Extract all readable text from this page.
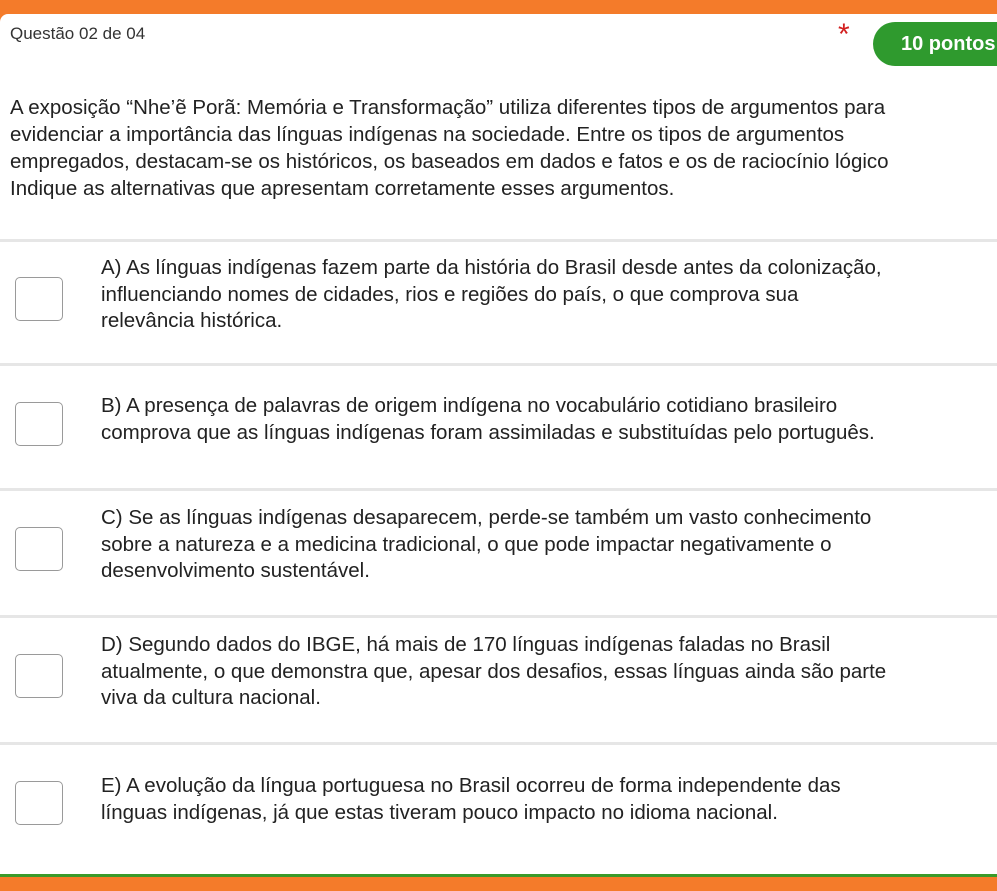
Questão 02 de 04	*	10 pontos
A exposição “Nhe’ẽ Porã: Memória e Transformação” utiliza diferentes tipos de argumentos para
evidenciar a importância das línguas indígenas na sociedade. Entre os tipos de argumentos
empregados, destacam-se os históricos, os baseados em dados e fatos e os de raciocínio lógico
Indique as alternativas que apresentam corretamente esses argumentos.
A) As línguas indígenas fazem parte da história do Brasil desde antes da colonização,
influenciando nomes de cidades, rios e regiões do país, o que comprova sua
relevância histórica.
B) A presença de palavras de origem indígena no vocabulário cotidiano brasileiro
comprova que as línguas indígenas foram assimiladas e substituídas pelo português.
C) Se as línguas indígenas desaparecem, perde-se também um vasto conhecimento
sobre a natureza e a medicina tradicional, o que pode impactar negativamente o
desenvolvimento sustentável.
D) Segundo dados do IBGE, há mais de 170 línguas indígenas faladas no Brasil
atualmente, o que demonstra que, apesar dos desafios, essas línguas ainda são parte
viva da cultura nacional.
E) A evolução da língua portuguesa no Brasil ocorreu de forma independente das
línguas indígenas, já que estas tiveram pouco impacto no idioma nacional.
